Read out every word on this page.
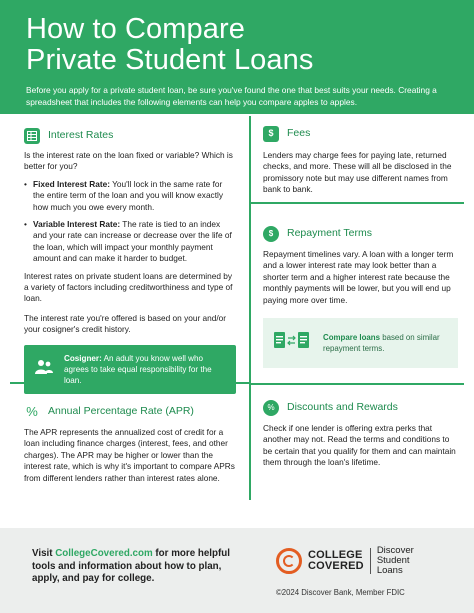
How to Compare
Private Student Loans

Before you apply for a private student loan, be sure you've found the one that best suits your needs. Creating a spreadsheet that includes the following elements can help you compare apples to apples.

Interest Rates
Is the interest rate on the loan fixed or variable? Which is better for you?
• Fixed Interest Rate: You'll lock in the same rate for the entire term of the loan and you will know exactly how much you owe every month.
• Variable Interest Rate: The rate is tied to an index and your rate can increase or decrease over the life of the loan, which will impact your monthly payment amount and can make it harder to budget.
Interest rates on private student loans are determined by a variety of factors including creditworthiness and type of loan.
The interest rate you're offered is based on your and/or your cosigner's credit history.
Cosigner: An adult you know well who agrees to take equal responsibility for the loan.
% Annual Percentage Rate (APR)
The APR represents the annualized cost of credit for a loan including finance charges (interest, fees, and other charges). The APR may be higher or lower than the interest rate, which is why it's important to compare APRs from different lenders rather than interest rates alone.
$	Fees
Lenders may charge fees for paying late, returned checks, and more. These will all be disclosed in the promissory note but may use different names from bank to bank.
$	Repayment Terms
Repayment timelines vary. A loan with a longer term and a lower interest rate may look better than a shorter term and a higher interest rate because the monthly payments will be lower, but you will end up paying more over time.
Compare loans based on similar repayment terms.
%	Discounts and Rewards
Check if one lender is offering extra perks that another may not. Read the terms and conditions to be certain that you qualify for them and can maintain them through the loan's lifetime.
Visit CollegeCovered.com for more helpful tools and information about how to plan, apply, and pay for college.
COLLEGE
COVERED
Discover
Student
Loans
©2024 Discover Bank, Member FDIC
